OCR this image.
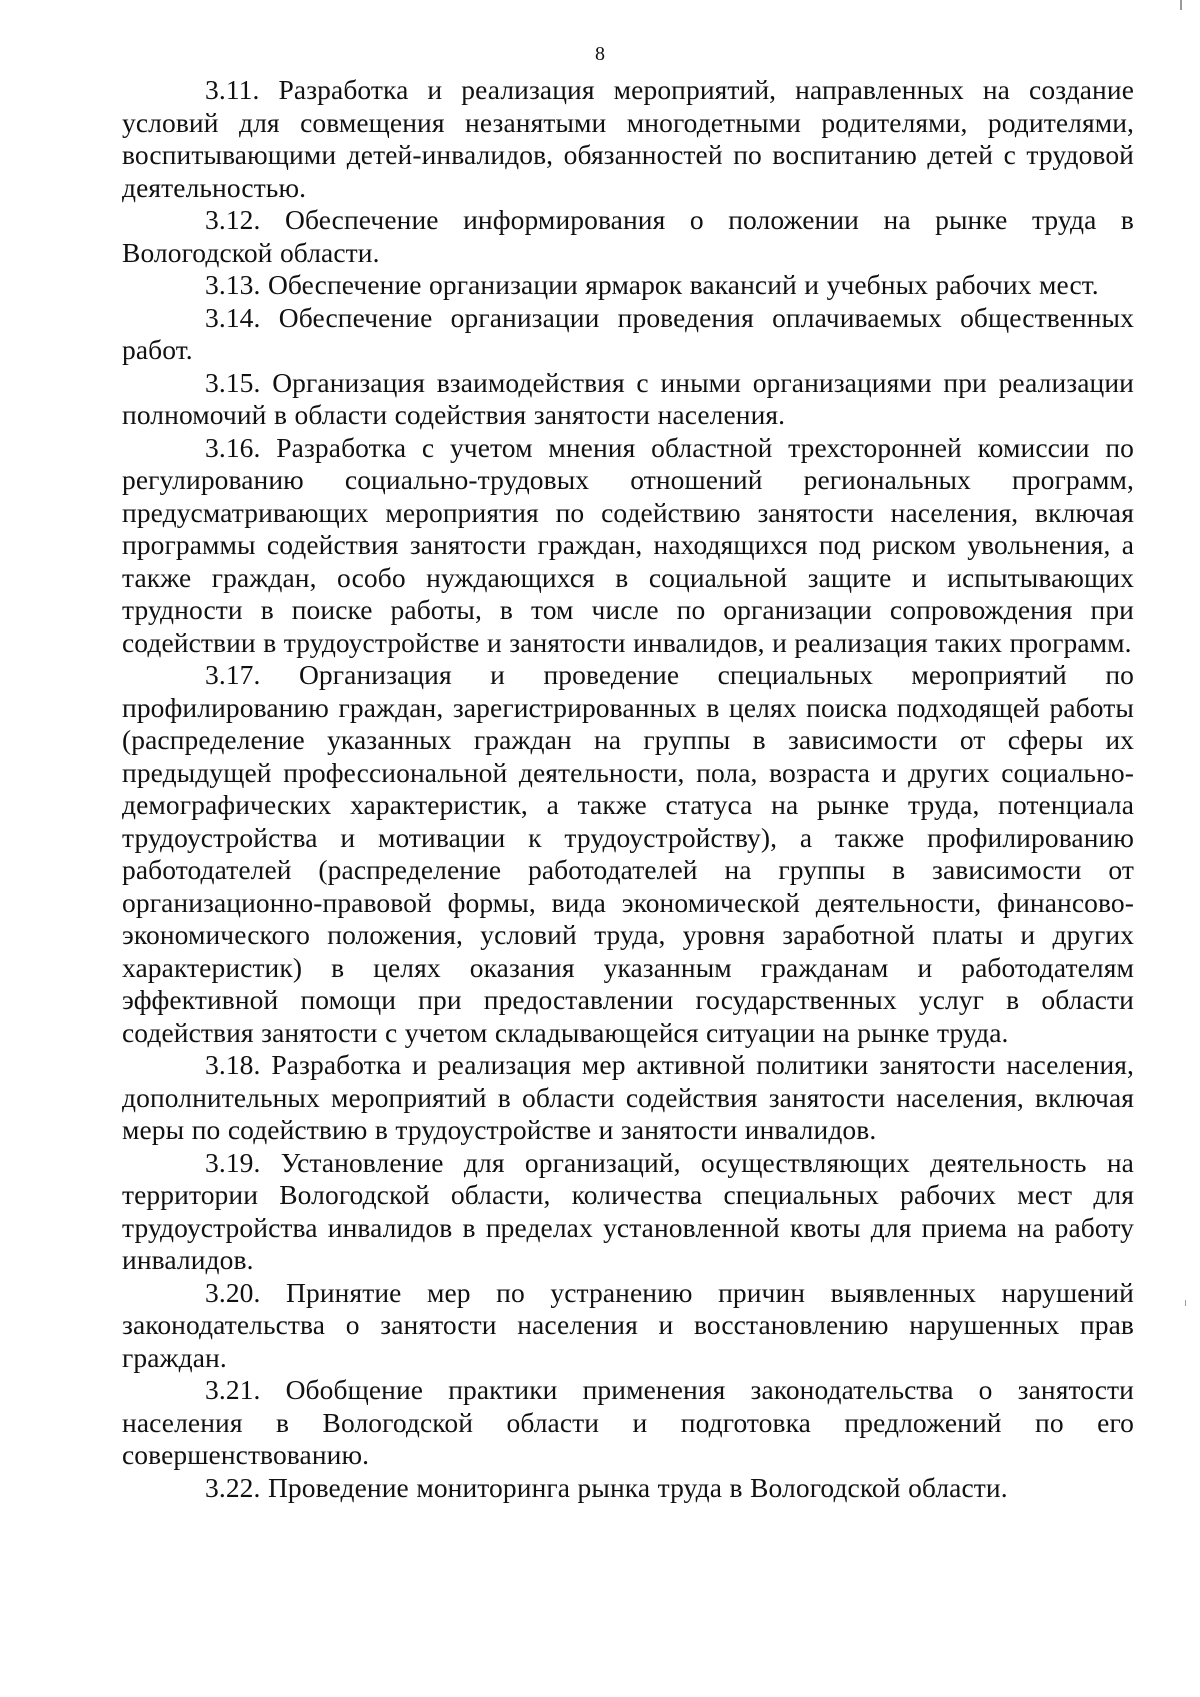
8

3.11. Разработка и реализация мероприятий, направленных на создание условий для совмещения незанятыми многодетными родителями, родителями, воспитывающими детей-инвалидов, обязанностей по воспитанию детей с трудовой деятельностью.

3.12. Обеспечение информирования о положении на рынке труда в Вологодской области.

3.13. Обеспечение организации ярмарок вакансий и учебных рабочих мест.

3.14. Обеспечение организации проведения оплачиваемых общественных работ.

3.15. Организация взаимодействия с иными организациями при реализации полномочий в области содействия занятости населения.

3.16. Разработка с учетом мнения областной трехсторонней комиссии по регулированию социально-трудовых отношений региональных программ, предусматривающих мероприятия по содействию занятости населения, включая программы содействия занятости граждан, находящихся под риском увольнения, а также граждан, особо нуждающихся в социальной защите и испытывающих трудности в поиске работы, в том числе по организации сопровождения при содействии в трудоустройстве и занятости инвалидов, и реализация таких программ.

3.17. Организация и проведение специальных мероприятий по профилированию граждан, зарегистрированных в целях поиска подходящей работы (распределение указанных граждан на группы в зависимости от сферы их предыдущей профессиональной деятельности, пола, возраста и других социально-демографических характеристик, а также статуса на рынке труда, потенциала трудоустройства и мотивации к трудоустройству), а также профилированию работодателей (распределение работодателей на группы в зависимости от организационно-правовой формы, вида экономической деятельности, финансово-экономического положения, условий труда, уровня заработной платы и других характеристик) в целях оказания указанным гражданам и работодателям эффективной помощи при предоставлении государственных услуг в области содействия занятости с учетом складывающейся ситуации на рынке труда.

3.18. Разработка и реализация мер активной политики занятости населения, дополнительных мероприятий в области содействия занятости населения, включая меры по содействию в трудоустройстве и занятости инвалидов.

3.19. Установление для организаций, осуществляющих деятельность на территории Вологодской области, количества специальных рабочих мест для трудоустройства инвалидов в пределах установленной квоты для приема на работу инвалидов.

3.20. Принятие мер по устранению причин выявленных нарушений законодательства о занятости населения и восстановлению нарушенных прав граждан.

3.21. Обобщение практики применения законодательства о занятости населения в Вологодской области и подготовка предложений по его совершенствованию.

3.22. Проведение мониторинга рынка труда в Вологодской области.
